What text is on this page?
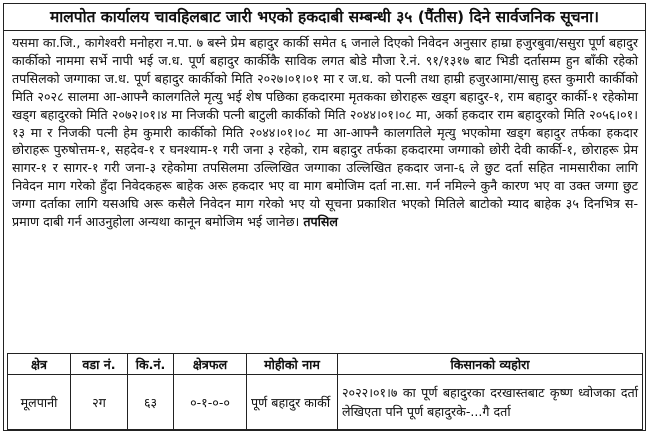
मालपोत कार्यालय चावहिलबाट जारी भएको हकदाबी सम्बन्धी ३५ (पैंतीस) दिने सार्वजनिक सूचना।
यसमा का.जि., कागेश्वरी मनोहरा न.पा. ७ बस्ने प्रेम बहादुर कार्की समेत ६ जनाले दिएको निवेदन अनुसार हाम्रा हजुरबुवा/ससुरा पूर्ण बहादुर कार्कीको नाममा सर्भे नापी भई ज.ध. पूर्ण बहादुर कार्कीकै साविक लगत बोडे मौजा रे.नं. ९१/१३१७ बाट भिडी दर्तासम्म हुन बाँकी रहेको तपसिलको जग्गाका ज.ध. पूर्ण बहादुर कार्कीको मिति २०२७।०१।०१ मा र ज.ध. को पत्नी तथा हाम्री हजुरआमा/सासु हस्त कुमारी कार्कीको मिति २०२८ सालमा आ-आफ्नै कालगतिले मृत्यु भई शेष पछिका हकदारमा मृतकका छोराहरू खड्ग बहादुर-१, राम बहादुर कार्की-१ रहेकोमा खड्ग बहादुरको मिति २०७२।०१।४ मा निजकी पत्नी बाटुली कार्कीको मिति २०४४।०१।०८ मा, अर्का हकदार राम बहादुरको मिति २०५६।०१।१३ मा र निजकी पत्नी हेम कुमारी कार्कीको मिति २०४४।०१।०८ मा आ-आफ्नै कालगतिले मृत्यु भएकोमा खड्ग बहादुर तर्फका हकदार छोराहरू पुरुषोत्तम-१, सहदेव-१ र घनश्याम-१ गरी जना ३ रहेको, राम बहादुर तर्फका हकदारमा जग्गाको छोरी देवी कार्की-१, छोराहरू प्रेम सागर-१ र सागर-१ गरी जना-३ रहेकोमा तपसिलमा उल्लिखित जग्गाका उल्लिखित हकदार जना-६ ले छुट दर्ता सहित नामसारीका लागि निवेदन माग गरेको हुँदा निवेदकहरू बाहेक अरू हकदार भए वा माग बमोजिम दर्ता ना.सा. गर्न नमिल्ने कुनै कारण भए वा उक्त जग्गा छुट जग्गा दर्ताका लागि यसअघि अरू कसैले निवेदन माग गरेको भए यो सूचना प्रकाशित भएको मितिले बाटोको म्याद बाहेक ३५ दिनभित्र स-प्रमाण दाबी गर्न आउनुहोला अन्यथा कानून बमोजिम भई जानेछ। तपसिल
क्षेत्र	वडा नं.	कि.नं.	क्षेत्रफल	मोहीको नाम	किसानको व्यहोरा
मूलपानी	२ग	६३	०-१-०-०	पूर्ण बहादुर कार्की	२०२२।०१।७ का पूर्ण बहादुरका दरखास्तबाट कृष्ण ध्वोजका दर्ता लेखिएता पनि पूर्ण बहादुरके-...गै दर्ता
